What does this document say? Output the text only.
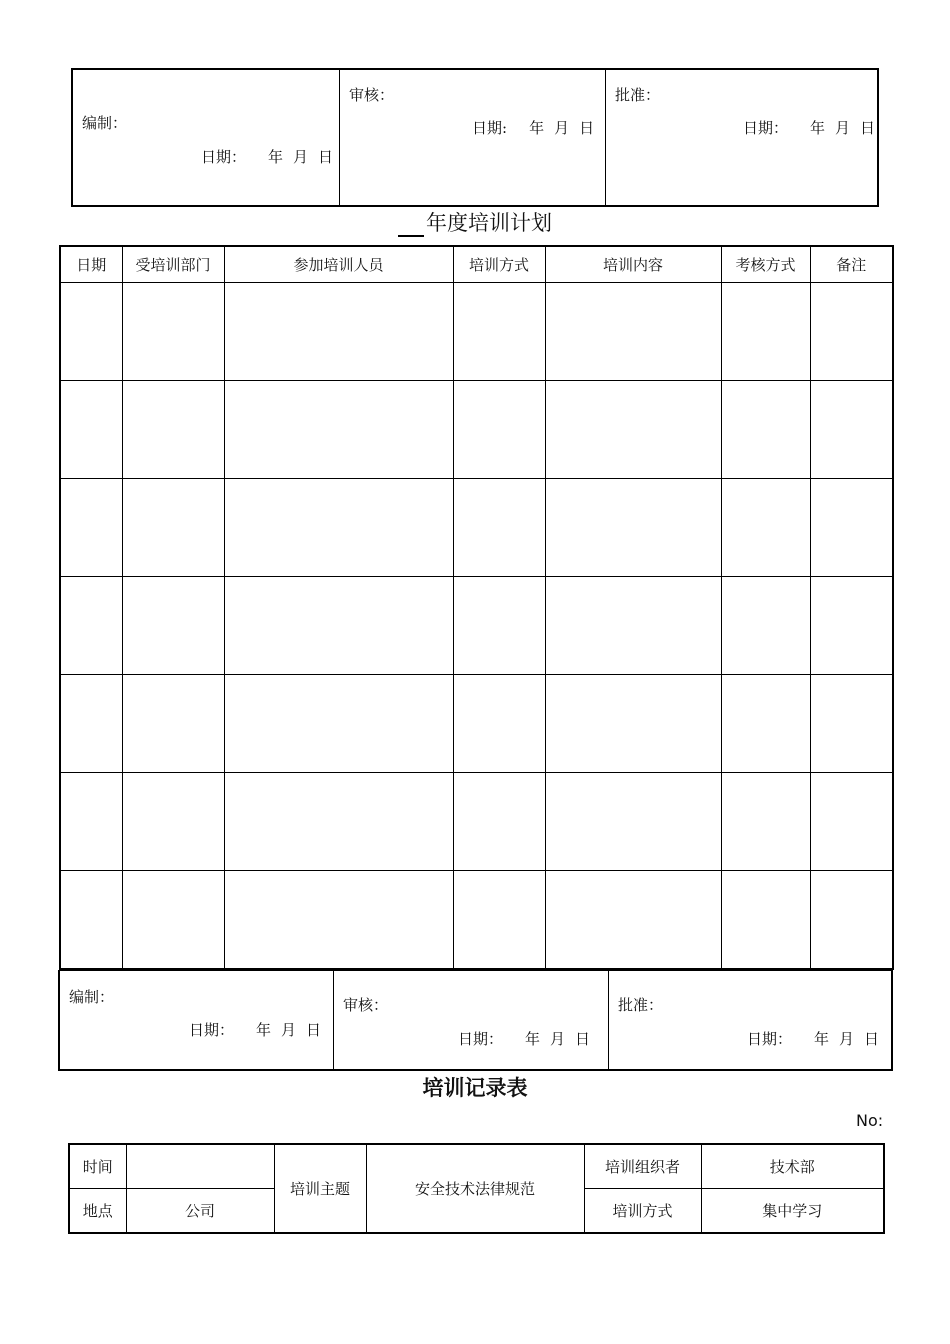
编制：
日期： 年 月 日
审核：
日期: 年 月 日
批准：
日期： 年 月 日
年度培训计划
日期	受培训部门	参加培训人员	培训方式	培训内容	考核方式	备注

编制：
日期： 年 月 日
审核：
日期： 年 月 日
批准：
日期： 年 月 日
培训记录表
No:
时间		培训主题	安全技术法律规范	培训组织者	技术部
地点	公司			培训方式	集中学习
